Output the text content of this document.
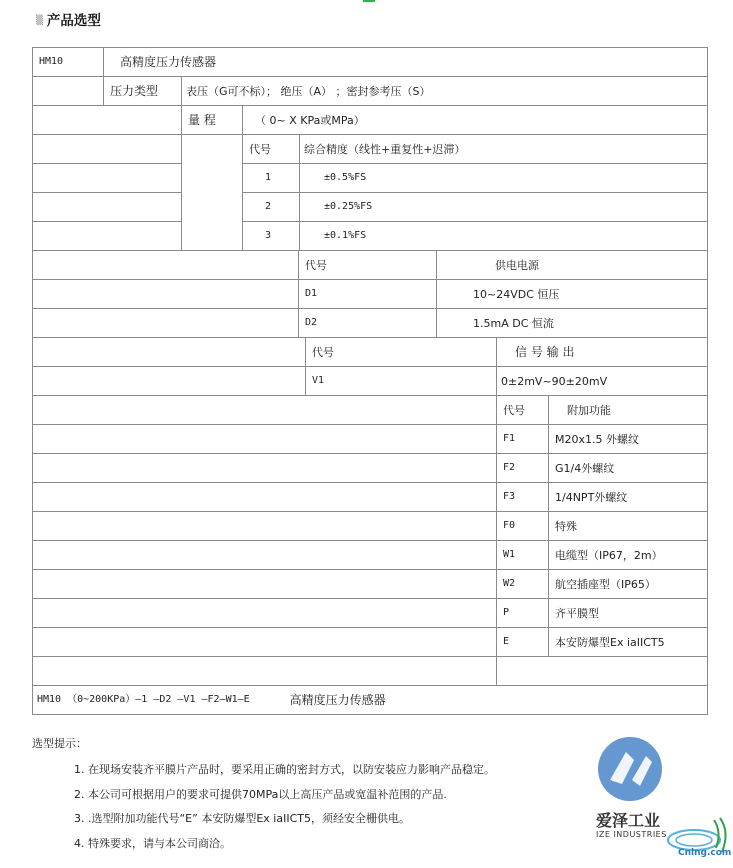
▒ 产品选型
HM10	高精度压力传感器
压力类型	表压（G可不标）； 绝压（A） ；密封参考压（S）
量 程	（ 0~ X KPa或MPa）
代号	综合精度（线性+重复性+迟滞）
1	±0.5%FS
2	±0.25%FS
3	±0.1%FS
代号	供电电源
D1	10~24VDC 恒压
D2	1.5mA DC 恒流
代号	信 号 输 出
V1	0±2mV~90±20mV
代号	附加功能
F1	M20x1.5 外螺纹
F2	G1/4外螺纹
F3	1/4NPT外螺纹
F0	特殊
W1	电缆型（IP67，2m）
W2	航空插座型（IP65）
P	齐平膜型
E	本安防爆型Ex iaIICT5
HM10 （0~200KPa）—1 —D2 —V1 —F2—W1—E	高精度压力传感器
选型提示：
1. 在现场安装齐平膜片产品时，要采用正确的密封方式，以防安装应力影响产品稳定。
2. 本公司可根据用户的要求可提供70MPa以上高压产品或宽温补范围的产品.
3. .选型附加功能代号“E” 本安防爆型Ex iaIICT5，须经安全栅供电。
4. 特殊要求，请与本公司商洽。
爱泽工业
IZE INDUSTRIES
Cnlng.com
